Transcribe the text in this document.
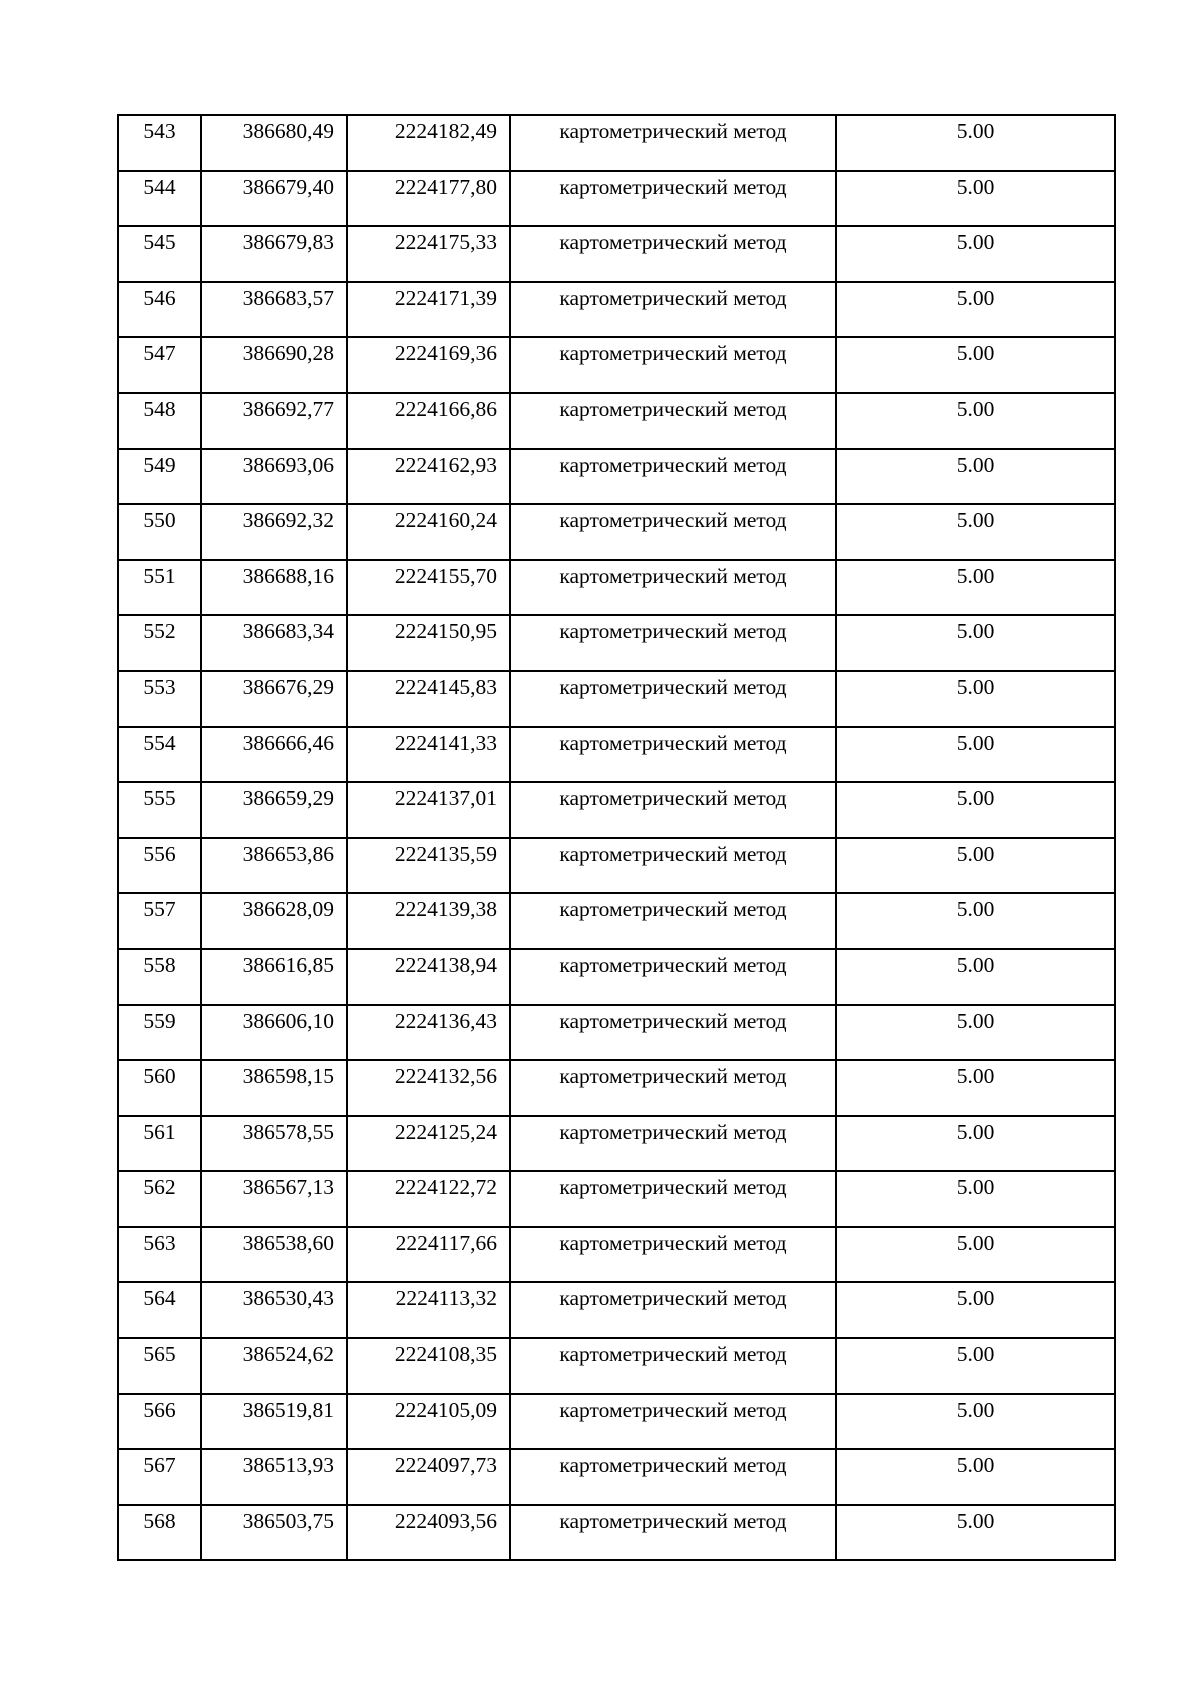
543	386680,49	2224182,49	картометрический метод	5.00

544	386679,40	2224177,80	картометрический метод	5.00

545	386679,83	2224175,33	картометрический метод	5.00

546	386683,57	2224171,39	картометрический метод	5.00

547	386690,28	2224169,36	картометрический метод	5.00

548	386692,77	2224166,86	картометрический метод	5.00

549	386693,06	2224162,93	картометрический метод	5.00

550	386692,32	2224160,24	картометрический метод	5.00

551	386688,16	2224155,70	картометрический метод	5.00

552	386683,34	2224150,95	картометрический метод	5.00

553	386676,29	2224145,83	картометрический метод	5.00

554	386666,46	2224141,33	картометрический метод	5.00

555	386659,29	2224137,01	картометрический метод	5.00

556	386653,86	2224135,59	картометрический метод	5.00

557	386628,09	2224139,38	картометрический метод	5.00

558	386616,85	2224138,94	картометрический метод	5.00

559	386606,10	2224136,43	картометрический метод	5.00

560	386598,15	2224132,56	картометрический метод	5.00

561	386578,55	2224125,24	картометрический метод	5.00

562	386567,13	2224122,72	картометрический метод	5.00

563	386538,60	2224117,66	картометрический метод	5.00

564	386530,43	2224113,32	картометрический метод	5.00

565	386524,62	2224108,35	картометрический метод	5.00

566	386519,81	2224105,09	картометрический метод	5.00

567	386513,93	2224097,73	картометрический метод	5.00

568	386503,75	2224093,56	картометрический метод	5.00
